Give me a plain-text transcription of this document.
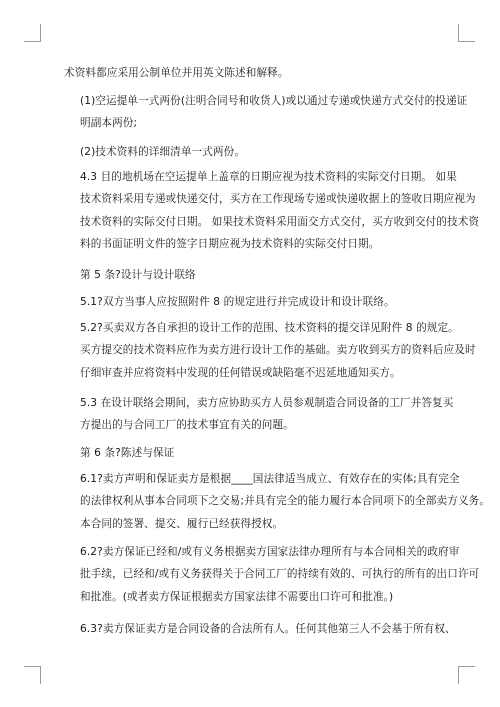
术资料都应采用公制单位并用英文陈述和解释。
(1)空运提单一式两份(注明合同号和收货人)或以通过专递或快递方式交付的投递证
明副本两份;
(2)技术资料的详细清单一式两份。
4.3 目的地机场在空运提单上盖章的日期应视为技术资料的实际交付日期。 如果
技术资料采用专递或快递交付，买方在工作现场专递或快递收据上的签收日期应视为
技术资料的实际交付日期。 如果技术资料采用面交方式交付，买方收到交付的技术资
料的书面证明文件的签字日期应视为技术资料的实际交付日期。
第 5 条?设计与设计联络
5.1?双方当事人应按照附件 8 的规定进行并完成设计和设计联络。
5.2?买卖双方各自承担的设计工作的范围、技术资料的提交详见附件 8 的规定。
买方提交的技术资料应作为卖方进行设计工作的基础。卖方收到买方的资料后应及时
仔细审查并应将资料中发现的任何错误或缺陷毫不迟延地通知买方。
5.3 在设计联络会期间，卖方应协助买方人员参观制造合同设备的工厂并答复买
方提出的与合同工厂的技术事宜有关的问题。
第 6 条?陈述与保证
6.1?卖方声明和保证卖方是根据____国法律适当成立、有效存在的实体;具有完全
的法律权利从事本合同项下之交易;并具有完全的能力履行本合同项下的全部卖方义务。
本合同的签署、提交、履行已经获得授权。
6.2?卖方保证已经和/或有义务根据卖方国家法律办理所有与本合同相关的政府审
批手续，已经和/或有义务获得关于合同工厂的持续有效的、可执行的所有的出口许可
和批准。(或者卖方保证根据卖方国家法律不需要出口许可和批准。)
6.3?卖方保证卖方是合同设备的合法所有人。任何其他第三人不会基于所有权、
